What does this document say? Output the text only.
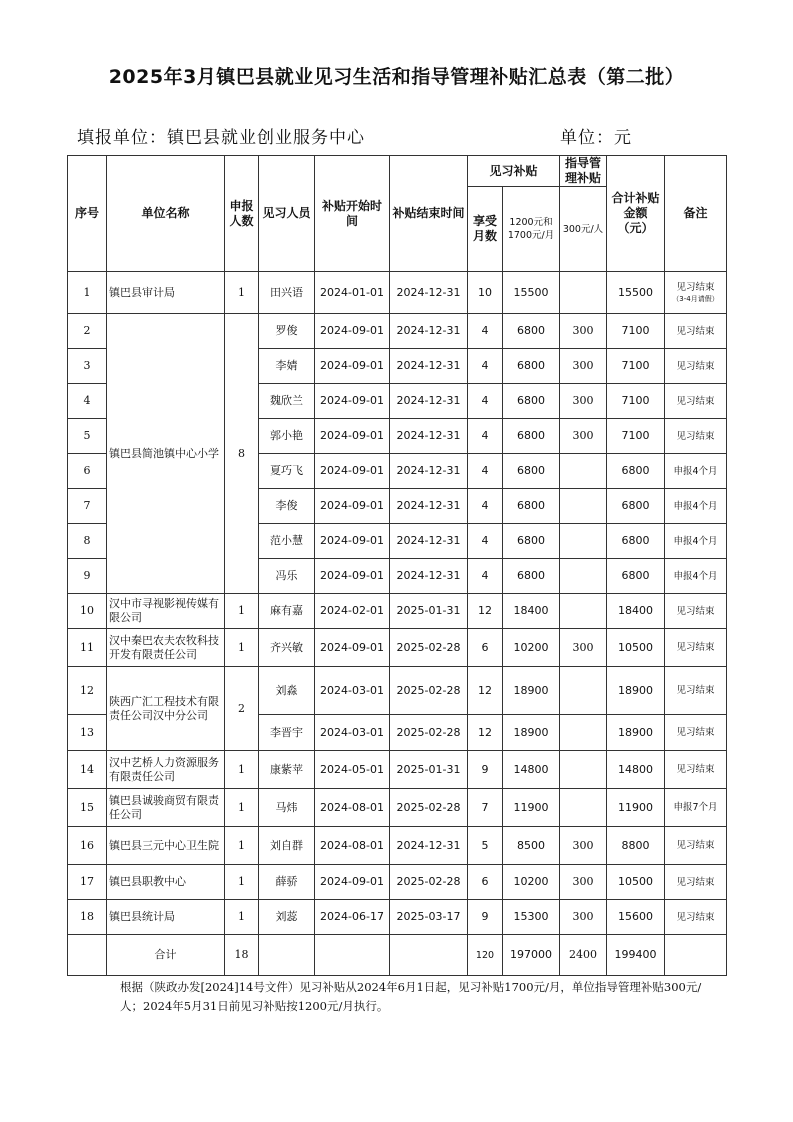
2025年3月镇巴县就业见习生活和指导管理补贴汇总表（第二批）
填报单位：镇巴县就业创业服务中心	单位：元
序号	单位名称	申报人数	见习人员	补贴开始时间	补贴结束时间	见习补贴		指导管理补贴	合计补贴金额（元）	备注
						享受月数	1200元和1700元/月	300元/人		
1	镇巴县审计局	1	田兴语	2024-01-01	2024-12-31	10	15500		15500	见习结束
（3-4月请假）

2	镇巴县简池镇中心小学	8	罗俊	2024-09-01	2024-12-31	4	6800	300	7100	见习结束
3			李婧	2024-09-01	2024-12-31	4	6800	300	7100	见习结束
4			魏欣兰	2024-09-01	2024-12-31	4	6800	300	7100	见习结束
5			郭小艳	2024-09-01	2024-12-31	4	6800	300	7100	见习结束
6			夏巧飞	2024-09-01	2024-12-31	4	6800		6800	申报4个月
7			李俊	2024-09-01	2024-12-31	4	6800		6800	申报4个月
8			范小慧	2024-09-01	2024-12-31	4	6800		6800	申报4个月
9			冯乐	2024-09-01	2024-12-31	4	6800		6800	申报4个月
10	汉中市寻视影视传媒有限公司	1	麻有嘉	2024-02-01	2025-01-31	12	18400		18400	见习结束
11	汉中秦巴农夫农牧科技开发有限责任公司	1	齐兴敏	2024-09-01	2025-02-28	6	10200	300	10500	见习结束
12	陕西广汇工程技术有限责任公司汉中分公司	2	刘淼	2024-03-01	2025-02-28	12	18900		18900	见习结束
13			李晋宇	2024-03-01	2025-02-28	12	18900		18900	见习结束
14	汉中艺桥人力资源服务有限责任公司	1	康紫苹	2024-05-01	2025-01-31	9	14800		14800	见习结束
15	镇巴县诚骏商贸有限责任公司	1	马炜	2024-08-01	2025-02-28	7	11900		11900	申报7个月
16	镇巴县三元中心卫生院	1	刘自群	2024-08-01	2024-12-31	5	8500	300	8800	见习结束
17	镇巴县职教中心	1	薛骄	2024-09-01	2025-02-28	6	10200	300	10500	见习结束
18	镇巴县统计局	1	刘蕊	2024-06-17	2025-03-17	9	15300	300	15600	见习结束
	合计	18				120	197000	2400	199400	
根据（陕政办发[2024]14号文件）见习补贴从2024年6月1日起，见习补贴1700元/月，单位指导管理补贴300元/人；2024年5月31日前见习补贴按1200元/月执行。
